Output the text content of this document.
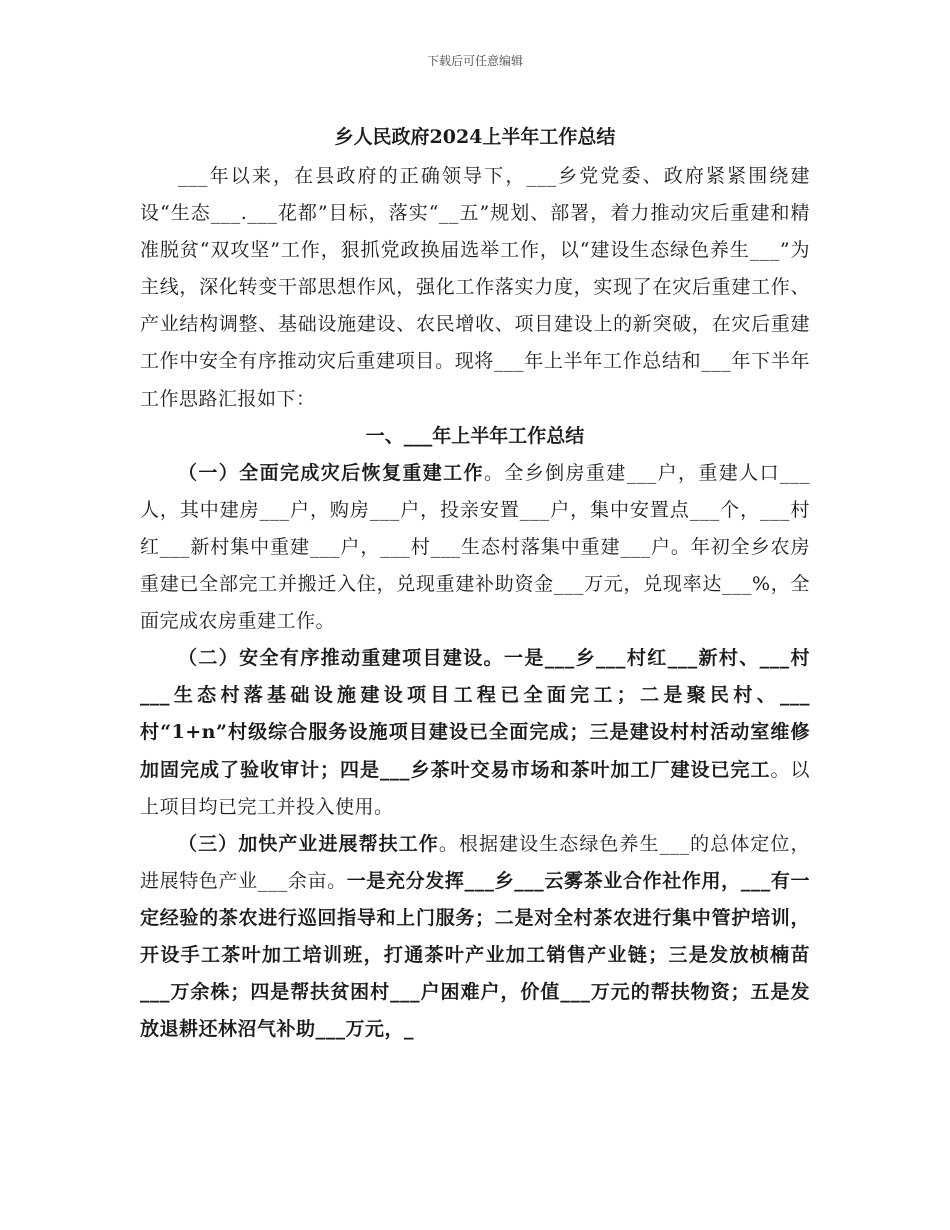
下载后可任意编辑
乡人民政府2024上半年工作总结

___年以来，在县政府的正确领导下，___乡党党委、政府紧紧围绕建设“生态___.___花都”目标，落实“__五”规划、部署，着力推动灾后重建和精准脱贫“双攻坚”工作，狠抓党政换届选举工作，以“建设生态绿色养生___”为主线，深化转变干部思想作风，强化工作落实力度，实现了在灾后重建工作、产业结构调整、基础设施建设、农民增收、项目建设上的新突破，在灾后重建工作中安全有序推动灾后重建项目。现将___年上半年工作总结和___年下半年工作思路汇报如下：

一、___年上半年工作总结

（一）全面完成灾后恢复重建工作。全乡倒房重建___户，重建人口___人，其中建房___户，购房___户，投亲安置___户，集中安置点___个，___村红___新村集中重建___户，___村___生态村落集中重建___户。年初全乡农房重建已全部完工并搬迁入住，兑现重建补助资金___万元，兑现率达___%，全面完成农房重建工作。

（二）安全有序推动重建项目建设。一是___乡___村红___新村、___村___生态村落基础设施建设项目工程已全面完工；二是聚民村、___村“1+n”村级综合服务设施项目建设已全面完成；三是建设村村活动室维修加固完成了验收审计；四是___乡茶叶交易市场和茶叶加工厂建设已完工。以上项目均已完工并投入使用。

（三）加快产业进展帮扶工作。根据建设生态绿色养生___的总体定位，进展特色产业___余亩。一是充分发挥___乡___云雾茶业合作社作用，___有一定经验的茶农进行巡回指导和上门服务；二是对全村茶农进行集中管护培训，开设手工茶叶加工培训班，打通茶叶产业加工销售产业链；三是发放桢楠苗___万余株；四是帮扶贫困村___户困难户，价值___万元的帮扶物资；五是发放退耕还林沼气补助___万元，_
